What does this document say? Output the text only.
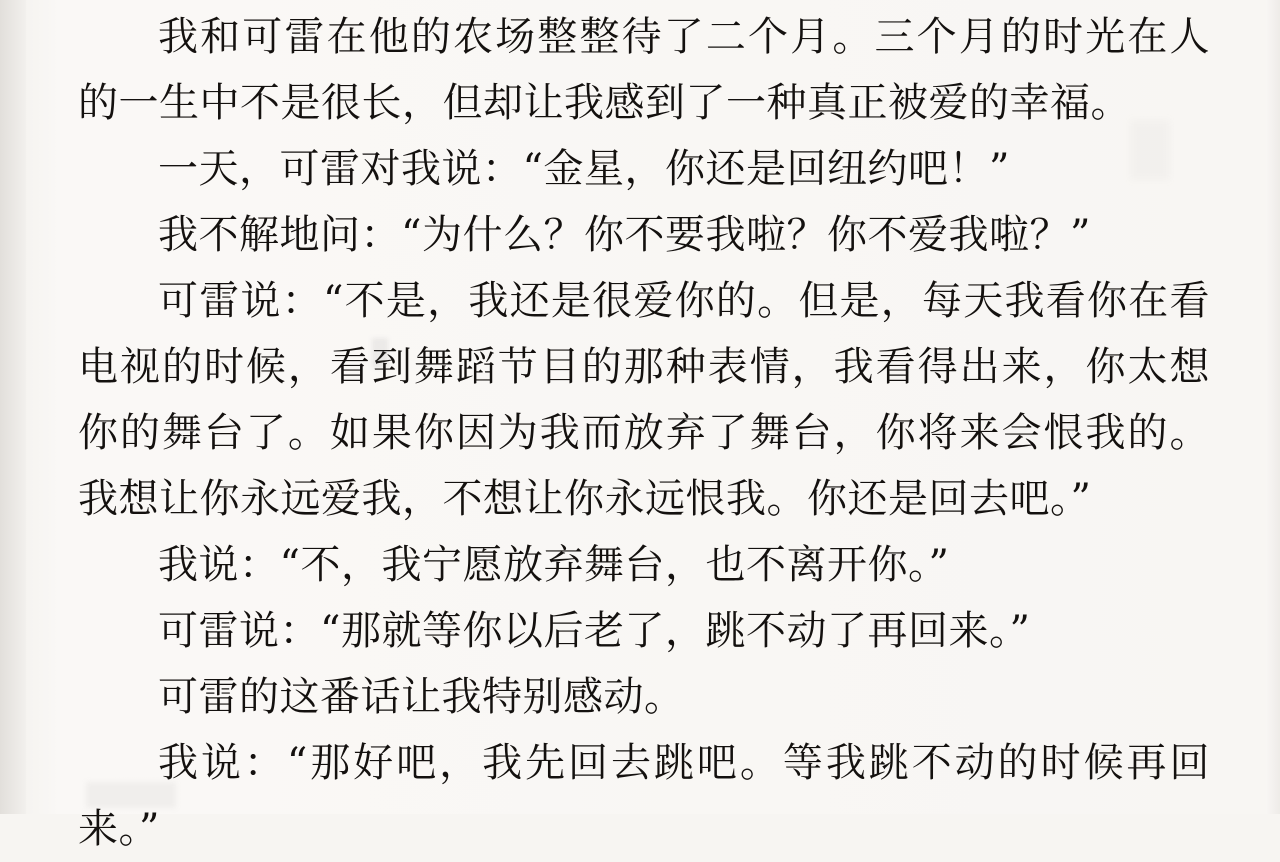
我和可雷在他的农场整整待了二个月。三个月的时光在人的一生中不是很长，但却让我感到了一种真正被爱的幸福。

一天，可雷对我说：“金星，你还是回纽约吧！”

我不解地问：“为什么？你不要我啦？你不爱我啦？”

可雷说：“不是，我还是很爱你的。但是，每天我看你在看电视的时候，看到舞蹈节目的那种表情，我看得出来，你太想你的舞台了。如果你因为我而放弃了舞台，你将来会恨我的。我想让你永远爱我，不想让你永远恨我。你还是回去吧。”

我说：“不，我宁愿放弃舞台，也不离开你。”

可雷说：“那就等你以后老了，跳不动了再回来。”

可雷的这番话让我特别感动。

我说：“那好吧，我先回去跳吧。等我跳不动的时候再回来。”
